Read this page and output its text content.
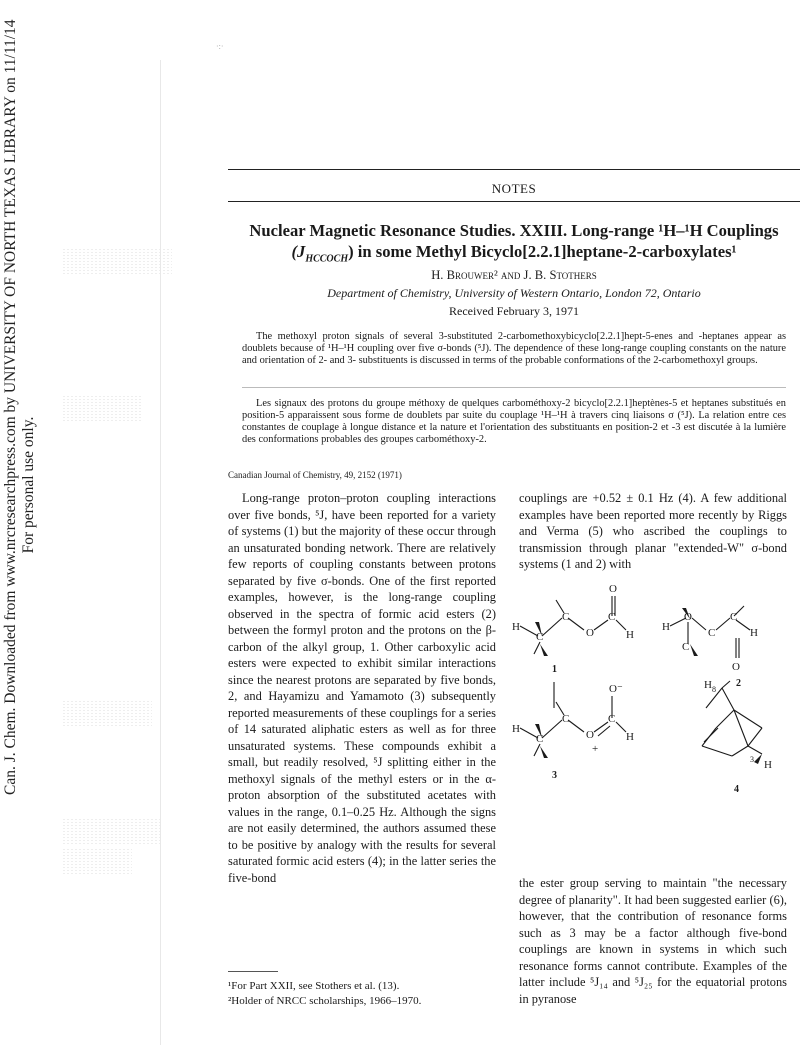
Can. J. Chem. Downloaded from www.nrcresearchpress.com by UNIVERSITY OF NORTH TEXAS LIBRARY on 11/11/14 For personal use only.
·:·
NOTES
Nuclear Magnetic Resonance Studies. XXIII. Long-range ¹H–¹H Couplings
$(J_{HCCOCH})$ in some Methyl Bicyclo[2.2.1]heptane-2-carboxylates¹
H. Brouwer² and J. B. Stothers
Department of Chemistry, University of Western Ontario, London 72, Ontario
Received February 3, 1971

The methoxyl proton signals of several 3-substituted 2-carbomethoxybicyclo[2.2.1]hept-5-enes and -heptanes appear as doublets because of ¹H–¹H coupling over five σ-bonds (⁵J). The dependence of these long-range coupling constants on the nature and orientation of 2- and 3- substituents is discussed in terms of the probable conformations of the 2-carbomethoxyl groups.

Les signaux des protons du groupe méthoxy de quelques carbométhoxy-2 bicyclo[2.2.1]heptènes-5 et heptanes substitués en position-5 apparaissent sous forme de doublets par suite du couplage ¹H–¹H à travers cinq liaisons σ (⁵J). La relation entre ces constantes de couplage à longue distance et la nature et l'orientation des substituants en position-2 et -3 est discutée à la lumière des conformations probables des groupes carbométhoxy-2.

Canadian Journal of Chemistry, 49, 2152 (1971)

Long-range proton–proton coupling interactions over five bonds, ⁵J, have been reported for a variety of systems (1) but the majority of these occur through an unsaturated bonding network. There are relatively few reports of coupling constants between protons separated by five σ-bonds. One of the first reported examples, however, is the long-range coupling observed in the spectra of formic acid esters (2) between the formyl proton and the protons on the β-carbon of the alkyl group, 1. Other carboxylic acid esters were expected to exhibit similar interactions since the nearest protons are separated by five bonds, 2, and Hayamizu and Yamamoto (3) subsequently reported measurements of these couplings for a series of 14 saturated aliphatic esters as well as for three unsaturated systems. These compounds exhibit a small, but readily resolved, ⁵J splitting either in the methoxyl signals of the methyl esters or in the α-proton absorption of the substituted acetates with values in the range, 0.1–0.25 Hz. Although the signs are not easily determined, the authors assumed these to be positive by analogy with the results for several saturated formic acid esters (4); in the latter series the five-bond

couplings are +0.52 ± 0.1 Hz (4). A few additional examples have been reported more recently by Riggs and Verma (5) who ascribed the couplings to transmission through planar "extended-W" σ-bond systems (1 and 2) with

the ester group serving to maintain "the necessary degree of planarity". It had been suggested earlier (6), however, that the contribution of resonance forms such as 3 may be a factor although five-bond couplings are known in systems in which such resonance forms cannot contribute. Examples of the latter include ⁵J₁₄ and ⁵J₂₅ for the equatorial protons in pyranose

¹For Part XXII, see Stothers et al. (13).
²Holder of NRCC scholarships, 1966–1970.
H
C
C
O
C
O
H
H
O
C
C
C
H
O
H
C
C
O
C
O⁻
H
+
H 8
H
3
1
2
3
4
